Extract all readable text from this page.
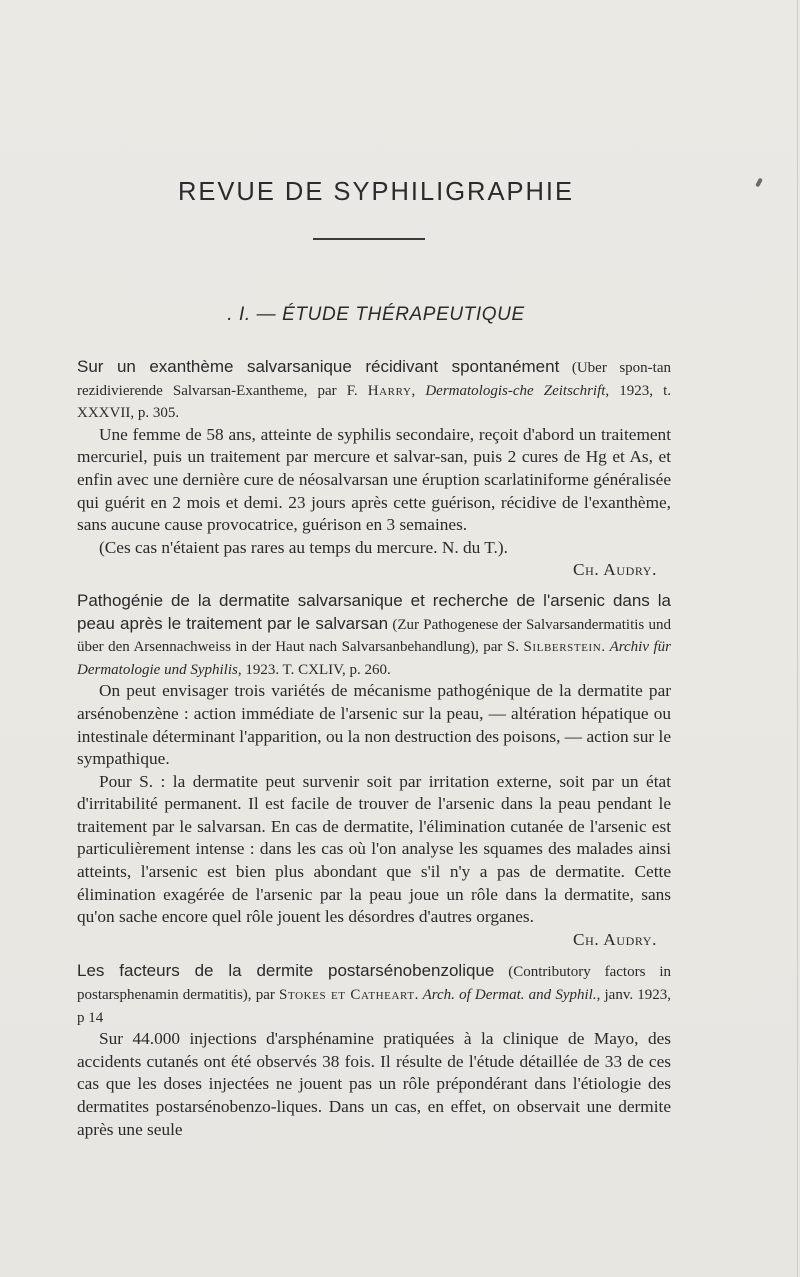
REVUE DE SYPHILIGRAPHIE
. I. — ÉTUDE THÉRAPEUTIQUE
Sur un exanthème salvarsanique récidivant spontanément (Uber spon-tan rezidivierende Salvarsan-Exantheme, par F. Harry, Dermatologis-che Zeitschrift, 1923, t. XXXVII, p. 305.

Une femme de 58 ans, atteinte de syphilis secondaire, reçoit d'abord un traitement mercuriel, puis un traitement par mercure et salvar-san, puis 2 cures de Hg et As, et enfin avec une dernière cure de néosalvarsan une éruption scarlatiniforme généralisée qui guérit en 2 mois et demi. 23 jours après cette guérison, récidive de l'exanthème, sans aucune cause provocatrice, guérison en 3 semaines.

(Ces cas n'étaient pas rares au temps du mercure. N. du T.).

Ch. Audry.

Pathogénie de la dermatite salvarsanique et recherche de l'arsenic dans la peau après le traitement par le salvarsan (Zur Pathogenese der Salvarsandermatitis und über den Arsennachweiss in der Haut nach Salvarsanbehandlung), par S. Silberstein. Archiv für Dermatologie und Syphilis, 1923. T. CXLIV, p. 260.

On peut envisager trois variétés de mécanisme pathogénique de la dermatite par arsénobenzène : action immédiate de l'arsenic sur la peau, — altération hépatique ou intestinale déterminant l'apparition, ou la non destruction des poisons, — action sur le sympathique.

Pour S. : la dermatite peut survenir soit par irritation externe, soit par un état d'irritabilité permanent. Il est facile de trouver de l'arsenic dans la peau pendant le traitement par le salvarsan. En cas de dermatite, l'élimination cutanée de l'arsenic est particulièrement intense : dans les cas où l'on analyse les squames des malades ainsi atteints, l'arsenic est bien plus abondant que s'il n'y a pas de dermatite. Cette élimination exagérée de l'arsenic par la peau joue un rôle dans la dermatite, sans qu'on sache encore quel rôle jouent les désordres d'autres organes.

Ch. Audry.

Les facteurs de la dermite postarsénobenzolique (Contributory factors in postarsphenamin dermatitis), par Stokes et Catheart. Arch. of Dermat. and Syphil., janv. 1923, p 14

Sur 44.000 injections d'arsphénamine pratiquées à la clinique de Mayo, des accidents cutanés ont été observés 38 fois. Il résulte de l'étude détaillée de 33 de ces cas que les doses injectées ne jouent pas un rôle prépondérant dans l'étiologie des dermatites postarsénobenzo-liques. Dans un cas, en effet, on observait une dermite après une seule
